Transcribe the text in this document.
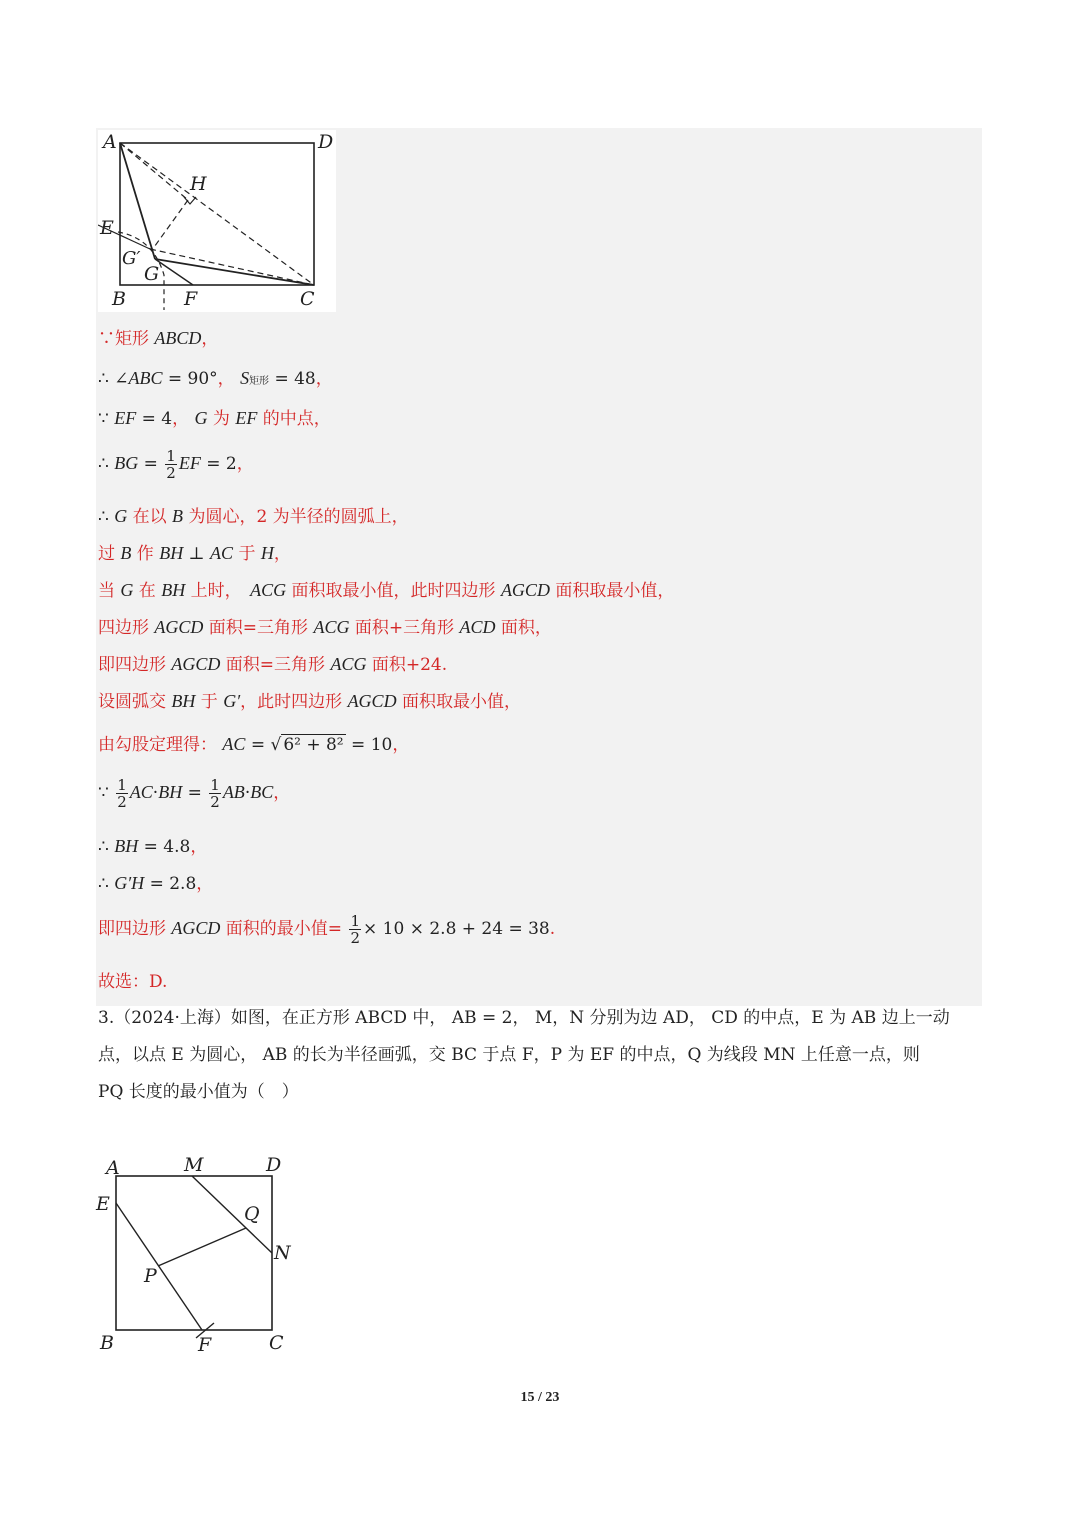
A	D
H
E
G′
G
B	F	C
∵矩形 ABCD，
∴ ∠ABC = 90°， S矩形 = 48，
∵ EF = 4， G 为 EF 的中点，
∴ BG = $\frac{1}{2}$ EF = 2，
∴ G 在以 B 为圆心，2 为半径的圆弧上，
过 B 作 BH ⊥ AC 于 H，
当 G 在 BH 上时，　ACG 面积取最小值，此时四边形 AGCD 面积取最小值，
四边形 AGCD 面积=三角形 ACG 面积+三角形 ACD 面积，
即四边形 AGCD 面积=三角形 ACG 面积+24.
设圆弧交 BH 于 G′，此时四边形 AGCD 面积取最小值，
由勾股定理得： AC = √ 6² + 8² = 10，
∵ $\frac{1}{2} AC\cdot BH = \frac{1}{2} AB\cdot BC$，
∴ BH = 4.8，
∴ G′H = 2.8，
即四边形 AGCD 面积的最小值= $\frac{1}{2} \times 10 \times 2.8 + 24 = 38$.
故选：D.
3.（2024·上海）如图，在正方形 ABCD 中， AB = 2， M，N 分别为边 AD， CD 的中点，E 为 AB 边上一动
点，以点 E 为圆心， AB 的长为半径画弧，交 BC 于点 F，P 为 EF 的中点，Q 为线段 MN 上任意一点，则
PQ 长度的最小值为（　）
A	M	D
E	Q
N
P
B	F	C
15 / 23
